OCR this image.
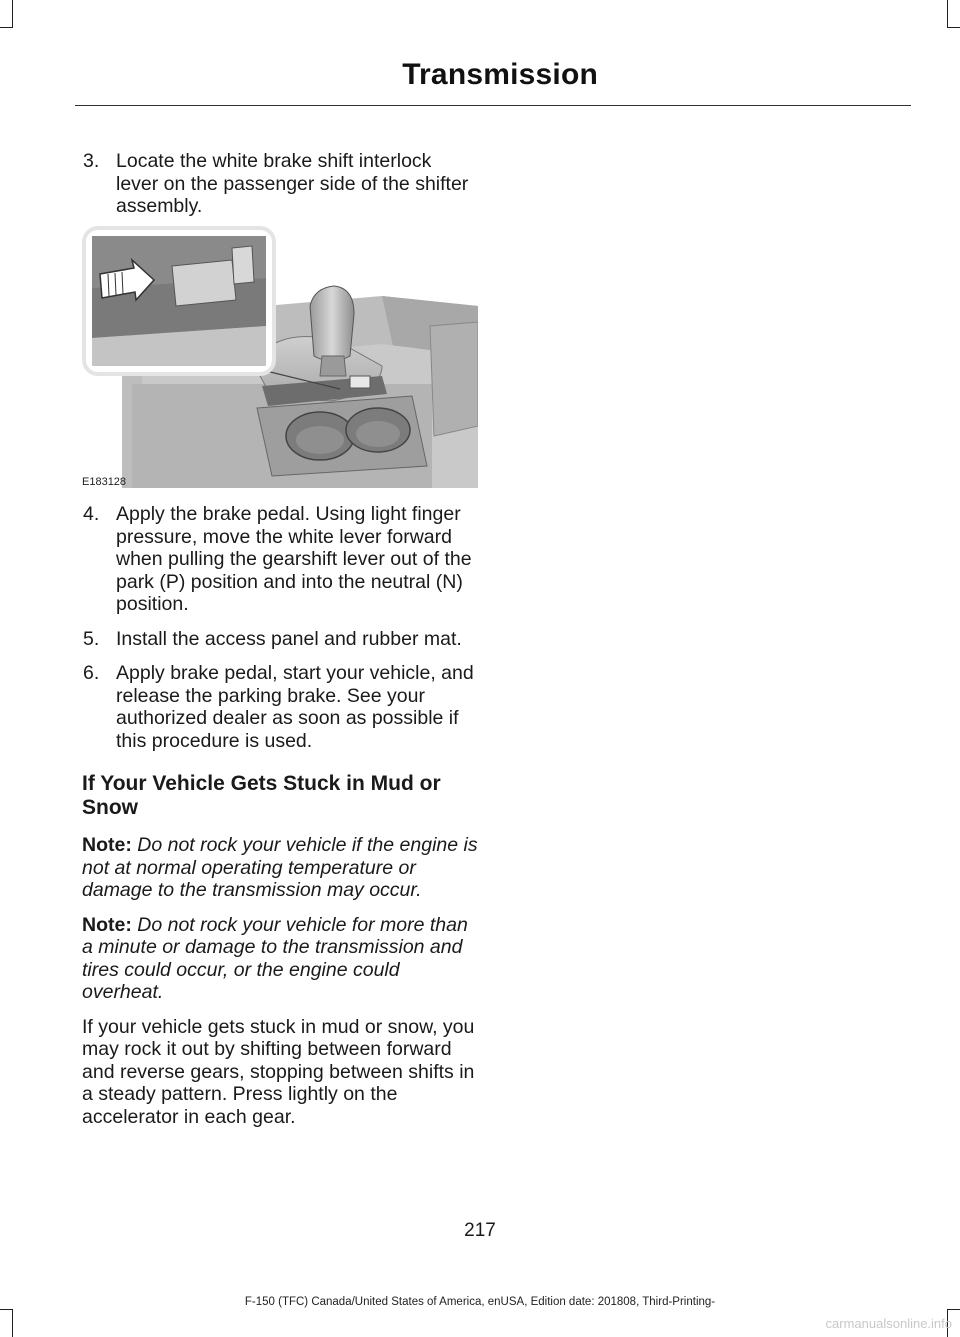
Transmission
3. Locate the white brake shift interlock lever on the passenger side of the shifter assembly.
E183128
4. Apply the brake pedal. Using light finger pressure, move the white lever forward when pulling the gearshift lever out of the park (P) position and into the neutral (N) position.
5. Install the access panel and rubber mat.
6. Apply brake pedal, start your vehicle, and release the parking brake. See your authorized dealer as soon as possible if this procedure is used.
If Your Vehicle Gets Stuck in Mud or Snow

Note: Do not rock your vehicle if the engine is not at normal operating temperature or damage to the transmission may occur.

Note: Do not rock your vehicle for more than a minute or damage to the transmission and tires could occur, or the engine could overheat.

If your vehicle gets stuck in mud or snow, you may rock it out by shifting between forward and reverse gears, stopping between shifts in a steady pattern. Press lightly on the accelerator in each gear.

217
F-150 (TFC) Canada/United States of America, enUSA, Edition date: 201808, Third-Printing-
carmanualsonline.info
